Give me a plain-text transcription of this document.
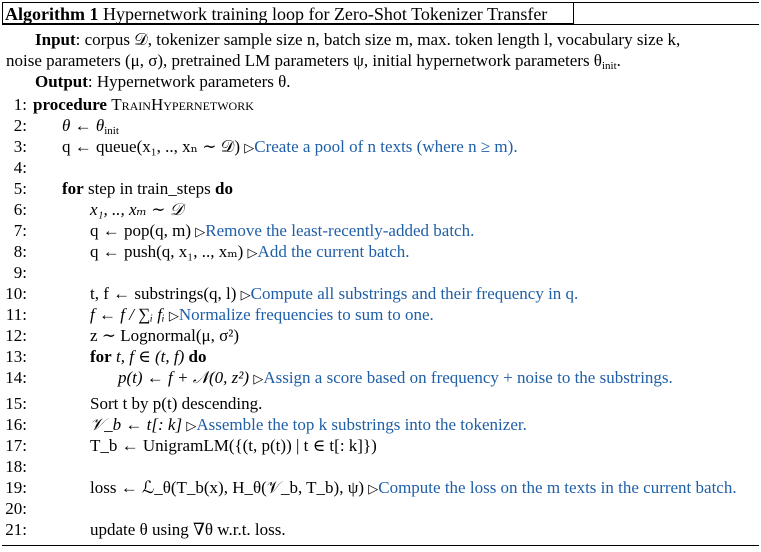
Algorithm 1 Hypernetwork training loop for Zero-Shot Tokenizer Transfer
Input: corpus 𝒟, tokenizer sample size n, batch size m, max. token length l, vocabulary size k,
noise parameters (μ, σ), pretrained LM parameters ψ, initial hypernetwork parameters $\theta_{init}$.
Output: Hypernetwork parameters θ.
1: procedure TrainHypernetwork
2: θ ← $\theta_{init}$
3: q ← queue(x₁, .., xₙ ∼ 𝒟) ▷Create a pool of n texts (where n ≥ m).
4:
5: for step in train_steps do
6:	x₁, .., xₘ ∼ 𝒟
7:	q ← pop(q, m) ▷Remove the least-recently-added batch.
8:	q ← push(q, x₁, .., xₘ) ▷Add the current batch.
9:
10:	t, f ← substrings(q, l) ▷Compute all substrings and their frequency in q.
11:	f ← f / ∑ᵢ fᵢ ▷Normalize frequencies to sum to one.
12:	z ∼ Lognormal(μ, σ²)
13:	for t, f ∈ (t, f) do
14:	p(t) ← f + 𝒩(0, z²) ▷Assign a score based on frequency + noise to the substrings.
15:	Sort t by p(t) descending.
16:	𝒱_b ← t[: k] ▷Assemble the top k substrings into the tokenizer.
17:	T_b ← UnigramLM({(t, p(t)) | t ∈ t[: k]})
18:
19:	loss ← ℒ_θ(T_b(x), H_θ(𝒱_b, T_b), ψ) ▷Compute the loss on the m texts in the current batch.
20:
21:	update θ using ∇θ w.r.t. loss.
